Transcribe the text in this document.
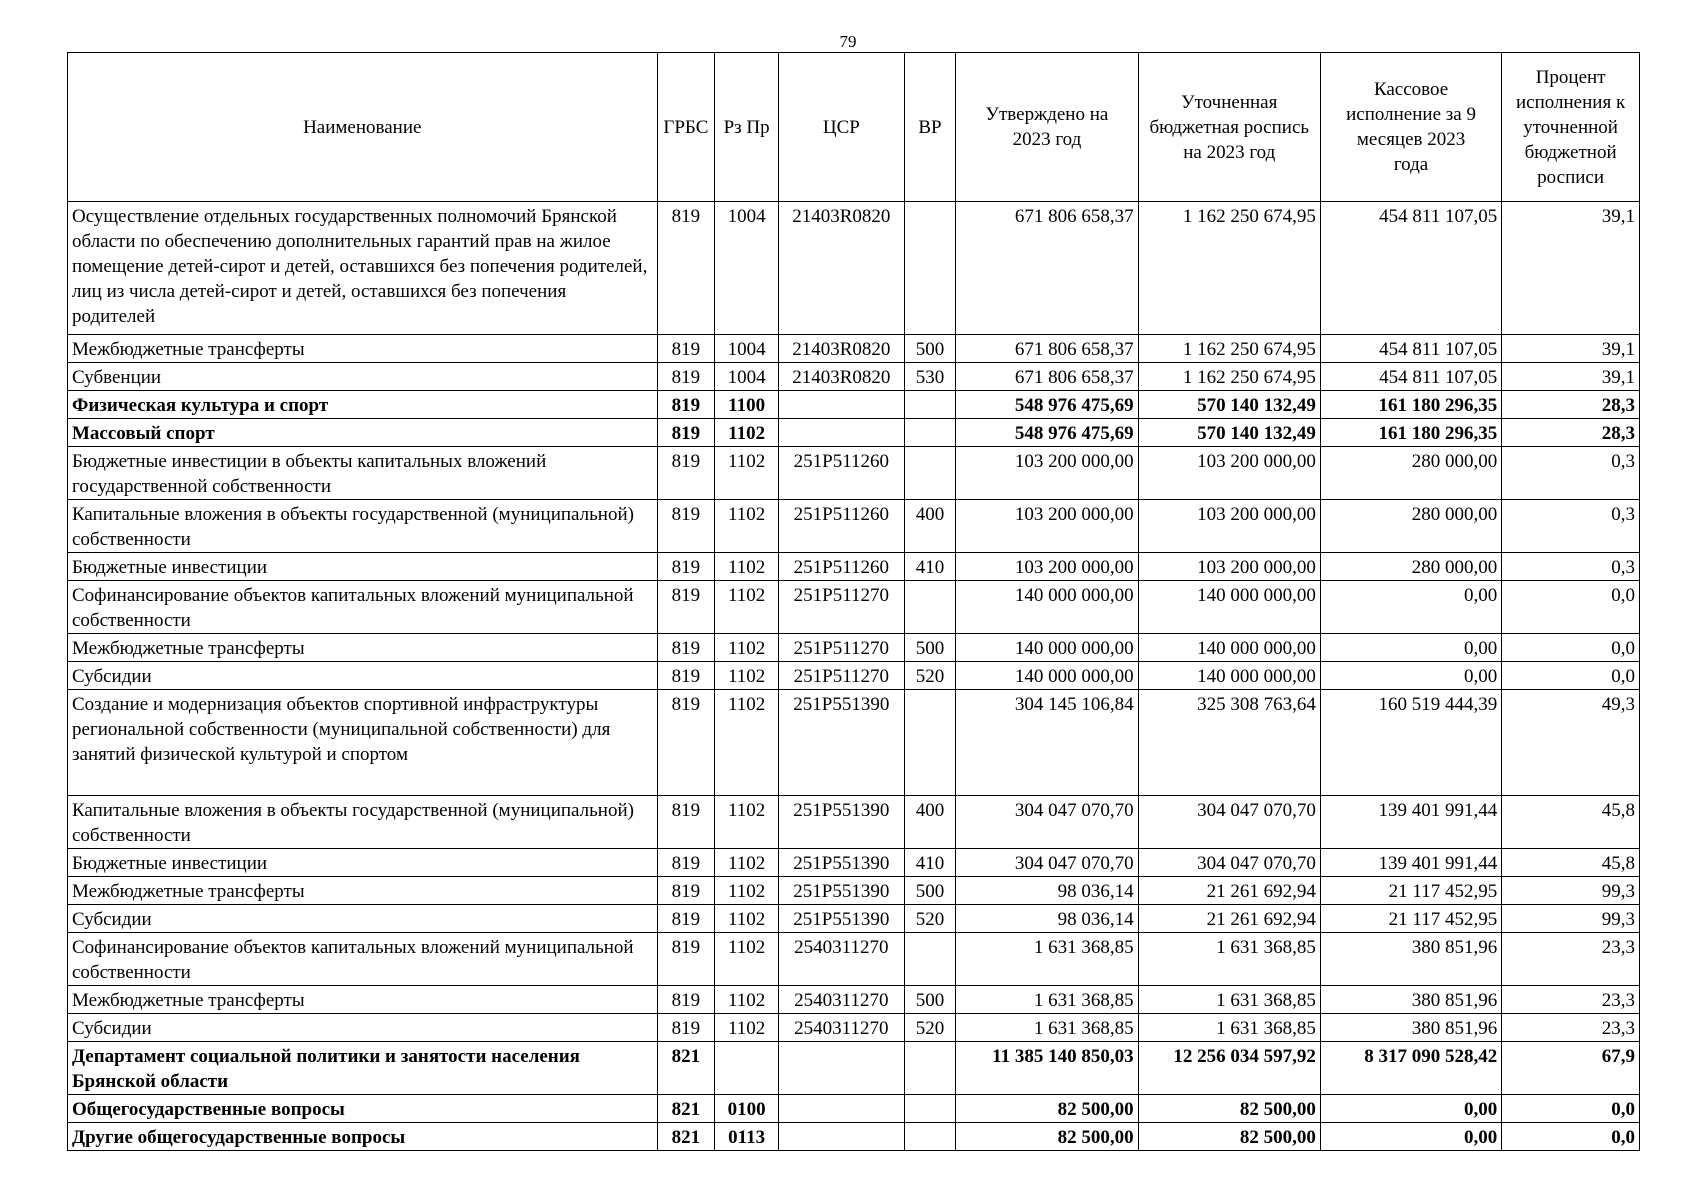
79
Наименование	ГРБС	Рз Пр	ЦСР	ВР	Утверждено на 2023 год	Уточненная бюджетная роспись на 2023 год	Кассовое исполнение за 9 месяцев 2023 года	Процент исполнения к уточненной бюджетной росписи
Осуществление отдельных государственных полномочий Брянской области по обеспечению дополнительных гарантий прав на жилое помещение детей-сирот и детей, оставшихся без попечения родителей, лиц из числа детей-сирот и детей, оставшихся без попечения родителей	819	1004	21403R0820		671 806 658,37	1 162 250 674,95	454 811 107,05	39,1
Межбюджетные трансферты	819	1004	21403R0820	500	671 806 658,37	1 162 250 674,95	454 811 107,05	39,1
Субвенции	819	1004	21403R0820	530	671 806 658,37	1 162 250 674,95	454 811 107,05	39,1
Физическая культура и спорт	819	1100			548 976 475,69	570 140 132,49	161 180 296,35	28,3
Массовый спорт	819	1102			548 976 475,69	570 140 132,49	161 180 296,35	28,3
Бюджетные инвестиции в объекты капитальных вложений государственной собственности	819	1102	251P511260		103 200 000,00	103 200 000,00	280 000,00	0,3
Капитальные вложения в объекты государственной (муниципальной) собственности	819	1102	251P511260	400	103 200 000,00	103 200 000,00	280 000,00	0,3
Бюджетные инвестиции	819	1102	251P511260	410	103 200 000,00	103 200 000,00	280 000,00	0,3
Софинансирование объектов капитальных вложений муниципальной собственности	819	1102	251P511270		140 000 000,00	140 000 000,00	0,00	0,0
Межбюджетные трансферты	819	1102	251P511270	500	140 000 000,00	140 000 000,00	0,00	0,0
Субсидии	819	1102	251P511270	520	140 000 000,00	140 000 000,00	0,00	0,0
Создание и модернизация объектов спортивной инфраструктуры региональной собственности (муниципальной собственности) для занятий физической культурой и спортом	819	1102	251P551390		304 145 106,84	325 308 763,64	160 519 444,39	49,3
Капитальные вложения в объекты государственной (муниципальной) собственности	819	1102	251P551390	400	304 047 070,70	304 047 070,70	139 401 991,44	45,8
Бюджетные инвестиции	819	1102	251P551390	410	304 047 070,70	304 047 070,70	139 401 991,44	45,8
Межбюджетные трансферты	819	1102	251P551390	500	98 036,14	21 261 692,94	21 117 452,95	99,3
Субсидии	819	1102	251P551390	520	98 036,14	21 261 692,94	21 117 452,95	99,3
Софинансирование объектов капитальных вложений муниципальной собственности	819	1102	2540311270		1 631 368,85	1 631 368,85	380 851,96	23,3
Межбюджетные трансферты	819	1102	2540311270	500	1 631 368,85	1 631 368,85	380 851,96	23,3
Субсидии	819	1102	2540311270	520	1 631 368,85	1 631 368,85	380 851,96	23,3
Департамент социальной политики и занятости населения Брянской области	821				11 385 140 850,03	12 256 034 597,92	8 317 090 528,42	67,9
Общегосударственные вопросы	821	0100			82 500,00	82 500,00	0,00	0,0
Другие общегосударственные вопросы	821	0113			82 500,00	82 500,00	0,00	0,0
